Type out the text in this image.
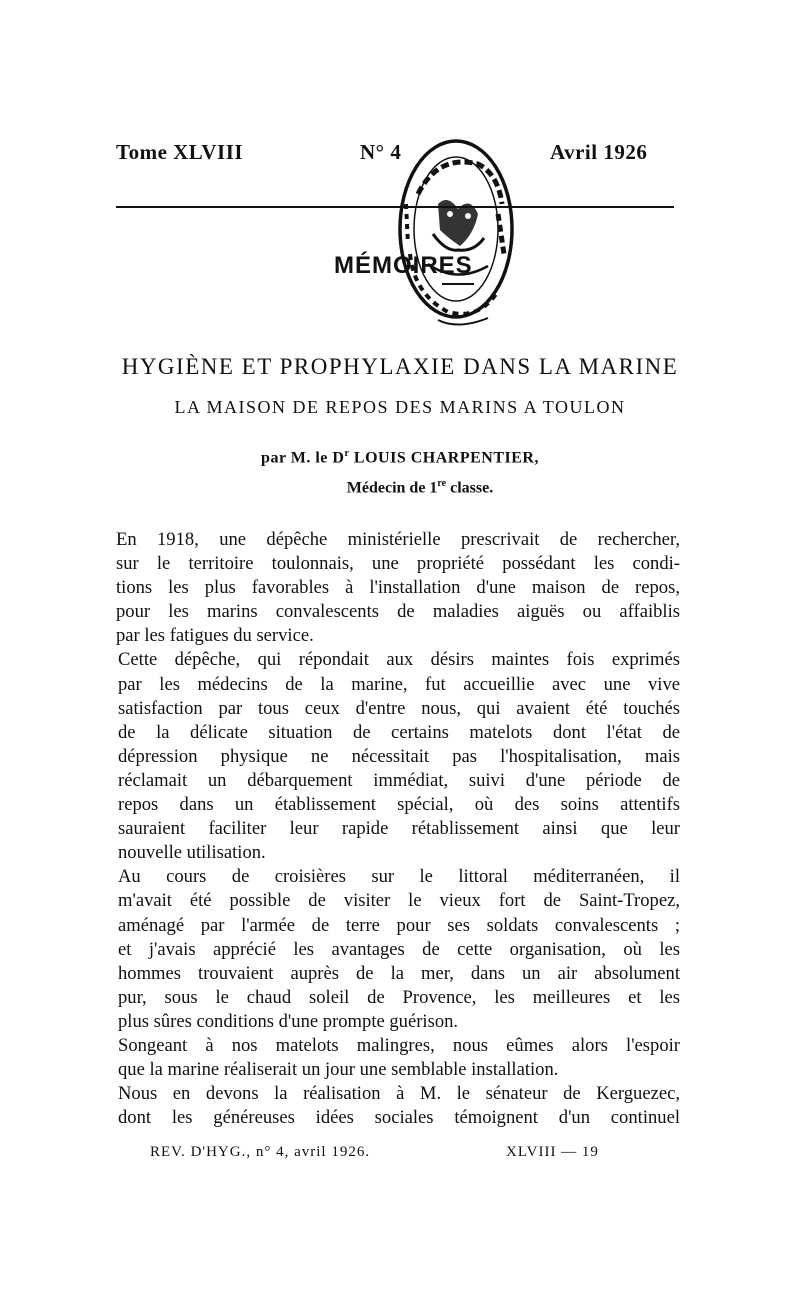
Tome XLVIII	N° 4	Avril 1926
MÉMOIRES
HYGIÈNE ET PROPHYLAXIE DANS LA MARINE
LA MAISON DE REPOS DES MARINS A TOULON
par M. le $D^r$ LOUIS CHARPENTIER,
Médecin de 1re classe.

En 1918, une dépêche ministérielle prescrivait de rechercher,
sur le territoire toulonnais, une propriété possédant les condi-
tions les plus favorables à l'installation d'une maison de repos,
pour les marins convalescents de maladies aiguës ou affaiblis
par les fatigues du service.

Cette dépêche, qui répondait aux désirs maintes fois exprimés
par les médecins de la marine, fut accueillie avec une vive
satisfaction par tous ceux d'entre nous, qui avaient été touchés
de la délicate situation de certains matelots dont l'état de
dépression physique ne nécessitait pas l'hospitalisation, mais
réclamait un débarquement immédiat, suivi d'une période de
repos dans un établissement spécial, où des soins attentifs
sauraient faciliter leur rapide rétablissement ainsi que leur
nouvelle utilisation.

Au cours de croisières sur le littoral méditerranéen, il
m'avait été possible de visiter le vieux fort de Saint-Tropez,
aménagé par l'armée de terre pour ses soldats convalescents ;
et j'avais apprécié les avantages de cette organisation, où les
hommes trouvaient auprès de la mer, dans un air absolument
pur, sous le chaud soleil de Provence, les meilleures et les
plus sûres conditions d'une prompte guérison.

Songeant à nos matelots malingres, nous eûmes alors l'espoir
que la marine réaliserait un jour une semblable installation.

Nous en devons la réalisation à M. le sénateur de Kerguezec,
dont les généreuses idées sociales témoignent d'un continuel

REV. D'HYG., n° 4, avril 1926.	XLVIII — 19
